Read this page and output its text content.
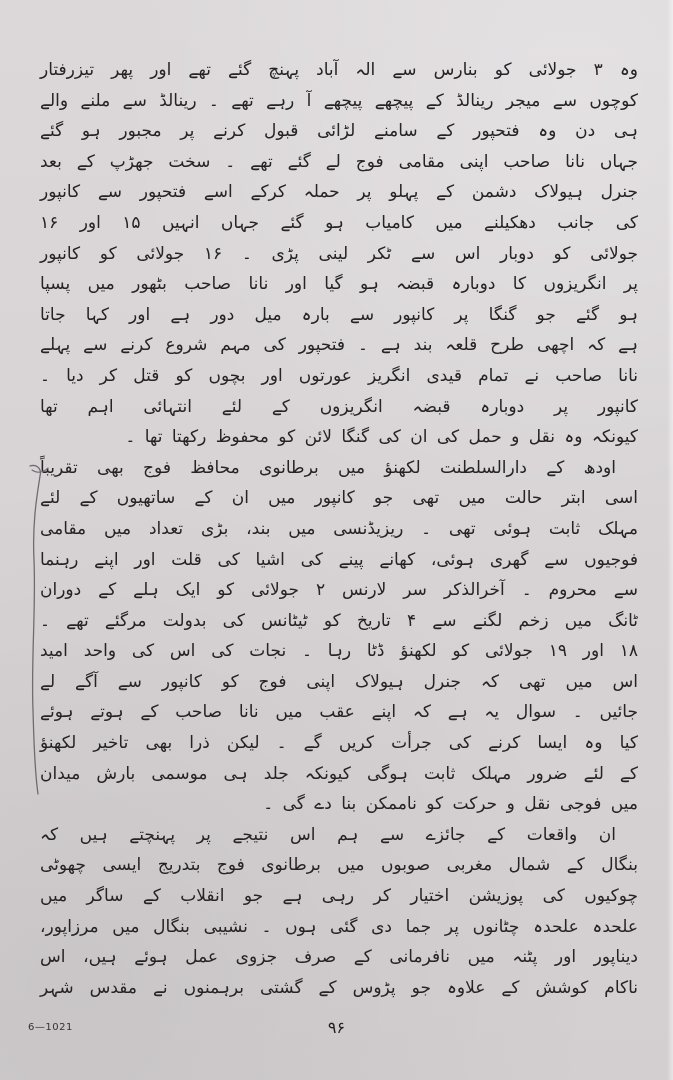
وہ ۳ جولائی کو بنارس سے الہ آباد پہنچ گئے تھے اور پھر تیزرفتار
کوچوں سے میجر رینالڈ کے پیچھے پیچھے آ رہے تھے ۔ رینالڈ سے ملنے والے
ہی دن وہ فتحپور کے سامنے لڑائی قبول کرنے پر مجبور ہو گئے
جہاں نانا صاحب اپنی مقامی فوج لے گئے تھے ۔ سخت جھڑپ کے بعد
جنرل ہیولاک دشمن کے پہلو پر حملہ کرکے اسے فتحپور سے کانپور
کی جانب دھکیلنے میں کامیاب ہو گئے جہاں انہیں ۱۵ اور ۱۶
جولائی کو دوبار اس سے ٹکر لینی پڑی ۔ ۱۶ جولائی کو کانپور
پر انگریزوں کا دوبارہ قبضہ ہو گیا اور نانا صاحب بٹھور میں پسپا
ہو گئے جو گنگا پر کانپور سے بارہ میل دور ہے اور کہا جاتا
ہے کہ اچھی طرح قلعہ بند ہے ۔ فتحپور کی مہم شروع کرنے سے پہلے
نانا صاحب نے تمام قیدی انگریز عورتوں اور بچوں کو قتل کر دیا ۔
کانپور پر دوبارہ قبضہ انگریزوں کے لئے انتہائی اہم تھا
کیونکہ وہ نقل و حمل کی ان کی گنگا لائن کو محفوظ رکھتا تھا ۔
اودھ کے دارالسلطنت لکھنؤ میں برطانوی محافظ فوج بھی تقریباً
اسی ابتر حالت میں تھی جو کانپور میں ان کے ساتھیوں کے لئے
مہلک ثابت ہوئی تھی ۔ ریزیڈنسی میں بند، بڑی تعداد میں مقامی
فوجیوں سے گھری ہوئی، کھانے پینے کی اشیا کی قلت اور اپنے رہنما
سے محروم ۔ آخرالذکر سر لارنس ۲ جولائی کو ایک ہلے کے دوران
ٹانگ میں زخم لگنے سے ۴ تاریخ کو ٹیٹانس کی بدولت مرگئے تھے ۔
۱۸ اور ۱۹ جولائی کو لکھنؤ ڈٹا رہا ۔ نجات کی اس کی واحد امید
اس میں تھی کہ جنرل ہیولاک اپنی فوج کو کانپور سے آگے لے
جائیں ۔ سوال یہ ہے کہ اپنے عقب میں نانا صاحب کے ہوتے ہوئے
کیا وہ ایسا کرنے کی جرأت کریں گے ۔ لیکن ذرا بھی تاخیر لکھنؤ
کے لئے ضرور مہلک ثابت ہوگی کیونکہ جلد ہی موسمی بارش میدان
میں فوجی نقل و حرکت کو ناممکن بنا دے گی ۔
ان واقعات کے جائزے سے ہم اس نتیجے پر پہنچتے ہیں کہ
بنگال کے شمال مغربی صوبوں میں برطانوی فوج بتدریج ایسی چھوٹی
چوکیوں کی پوزیشن اختیار کر رہی ہے جو انقلاب کے ساگر میں
علحدہ علحدہ چٹانوں پر جما دی گئی ہوں ۔ نشیبی بنگال میں مرزاپور،
دیناپور اور پٹنہ میں نافرمانی کے صرف جزوی عمل ہوئے ہیں، اس
ناکام کوشش کے علاوہ جو پڑوس کے گشتی برہمنوں نے مقدس شہر
6—1021	۹۶
